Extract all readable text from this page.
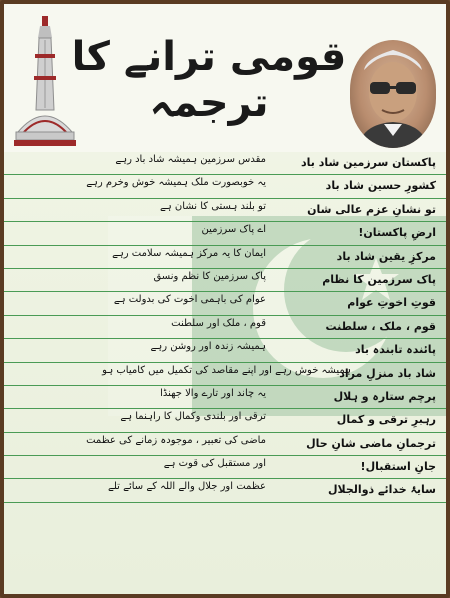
قومی ترانے کا ترجمہ
پاکستان سرزمین شاد باد
مقدس سرزمین ہمیشہ شاد باد رہے
کشورِ حسین شاد باد
یہ خوبصورت ملک ہمیشہ خوش وخرم رہے
تو نشانِ عزم عالی شان
تو بلند ہستی کا نشان ہے
ارضِ پاکستان!
اے پاک سرزمین
مرکزِ یقین شاد باد
ایمان کا یہ مرکز ہمیشہ سلامت رہے
پاک سرزمین کا نظام
پاک سرزمین کا نظم ونسق
قوتِ اخوتِ عوام
عوام کی باہمی اخوت کی بدولت ہے
قوم ، ملک ، سلطنت
قوم ، ملک اور سلطنت
پائندہ تابندہ باد
ہمیشہ زندہ اور روشن رہے
شاد باد منزلِ مراد
ہمیشہ خوش رہے اور اپنے مقاصد کی تکمیل میں کامیاب ہو
پرچم ستارہ و ہلال
یہ چاند اور تارے والا جھنڈا
رہبرِ ترقی و کمال
ترقی اور بلندی وکمال کا راہنما ہے
ترجمانِ ماضی شانِ حال
ماضی کی تعبیر ، موجودہ زمانے کی عظمت
جانِ استقبال!
اور مستقبل کی قوت ہے
سایۂ خدائے ذوالجلال
عظمت اور جلال والے اللہ کے سائے تلے
